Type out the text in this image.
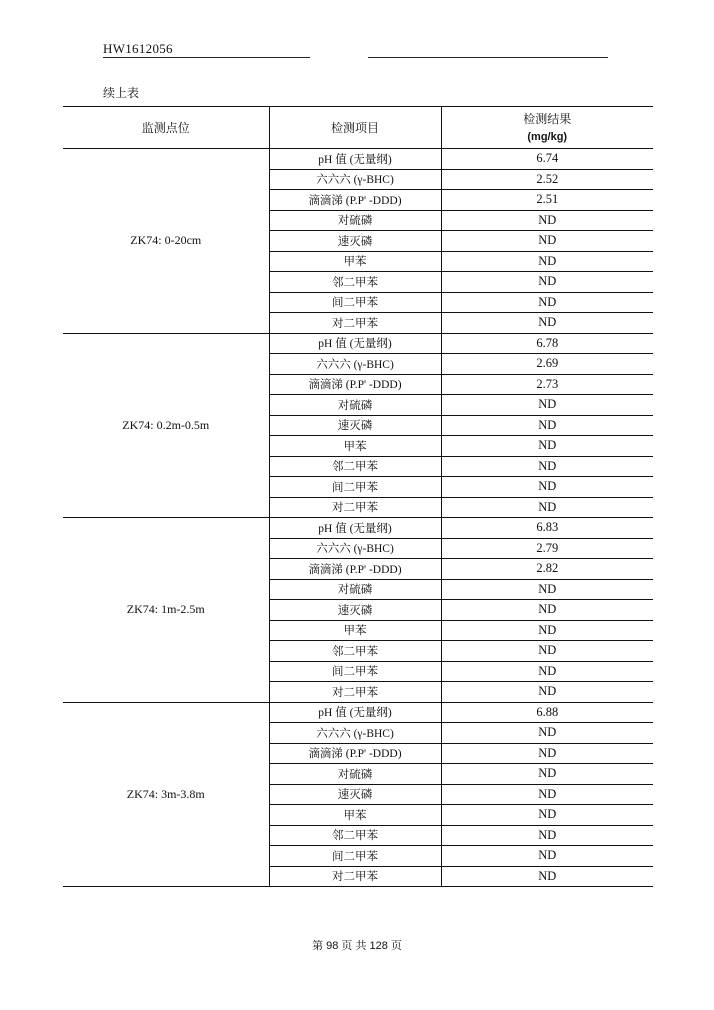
HW1612056
续上表
监测点位	检测项目	检测结果
(mg/kg)

ZK74: 0-20cm	pH 值 (无量纲)	6.74
	六六六 (γ-BHC)	2.52
	滴滴涕 (P.P' -DDD)	2.51
	对硫磷	ND
	速灭磷	ND
	甲苯	ND
	邻二甲苯	ND
	间二甲苯	ND
	对二甲苯	ND
ZK74: 0.2m-0.5m	pH 值 (无量纲)	6.78
	六六六 (γ-BHC)	2.69
	滴滴涕 (P.P' -DDD)	2.73
	对硫磷	ND
	速灭磷	ND
	甲苯	ND
	邻二甲苯	ND
	间二甲苯	ND
	对二甲苯	ND
ZK74: 1m-2.5m	pH 值 (无量纲)	6.83
	六六六 (γ-BHC)	2.79
	滴滴涕 (P.P' -DDD)	2.82
	对硫磷	ND
	速灭磷	ND
	甲苯	ND
	邻二甲苯	ND
	间二甲苯	ND
	对二甲苯	ND
ZK74: 3m-3.8m	pH 值 (无量纲)	6.88
	六六六 (γ-BHC)	ND
	滴滴涕 (P.P' -DDD)	ND
	对硫磷	ND
	速灭磷	ND
	甲苯	ND
	邻二甲苯	ND
	间二甲苯	ND
	对二甲苯	ND
第 98 页 共 128 页
